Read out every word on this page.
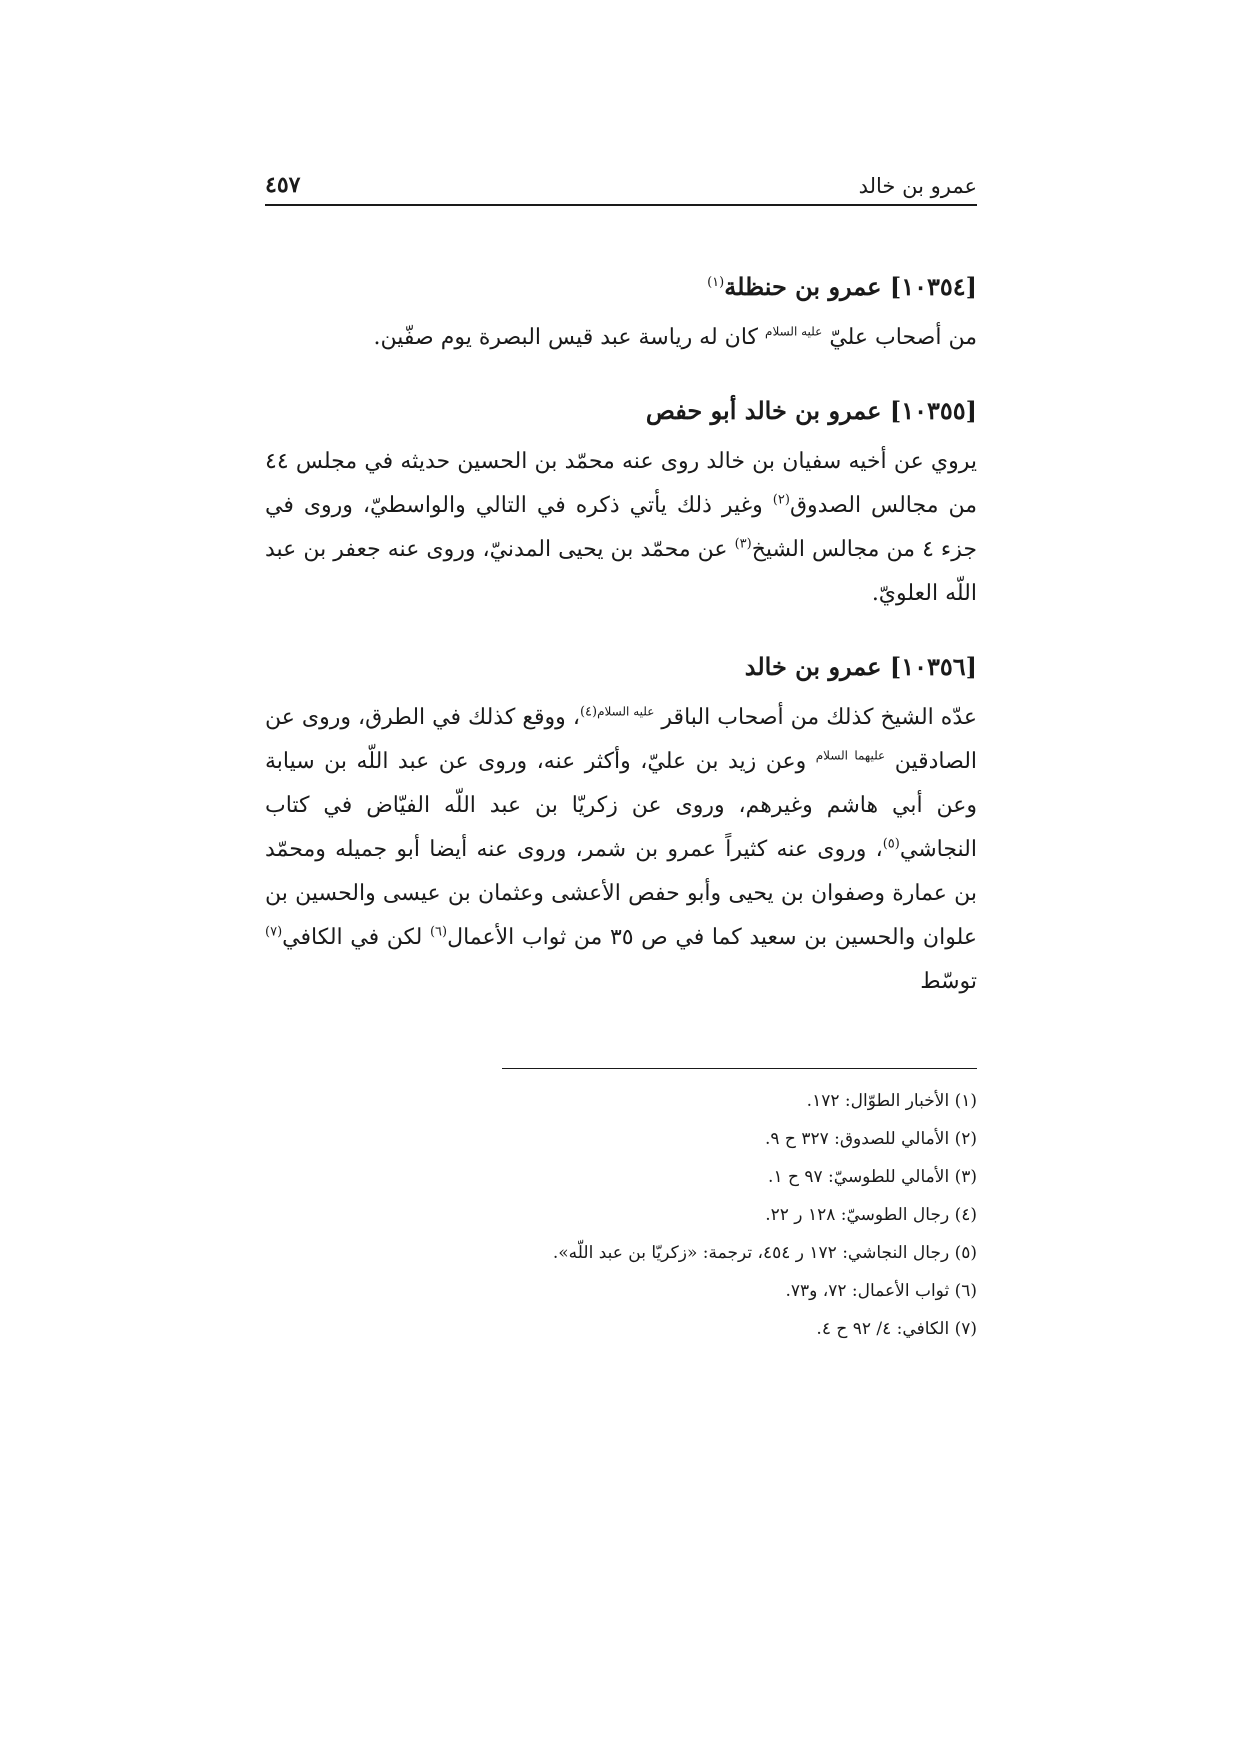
عمرو بن خالد
٤٥٧
[١٠٣٥٤] عمرو بن حنظلة$^{(١)}$

من أصحاب عليّ $^{عليه السلام}$ كان له رياسة عبد قيس البصرة يوم صفّين.

[١٠٣٥٥] عمرو بن خالد أبو حفص

يروي عن أخيه سفيان بن خالد روى عنه محمّد بن الحسين حديثه في مجلس ٤٤ من مجالس الصدوق$^{(٢)}$ وغير ذلك يأتي ذكره في التالي والواسطيّ، وروى في جزء ٤ من مجالس الشيخ$^{(٣)}$ عن محمّد بن يحيى المدنيّ، وروى عنه جعفر بن عبد اللّه العلويّ.

[١٠٣٥٦] عمرو بن خالد

عدّه الشيخ كذلك من أصحاب الباقر $^{عليه السلام(٤)}$، ووقع كذلك في الطرق، وروى عن الصادقين $^{عليهما السلام}$ وعن زيد بن عليّ، وأكثر عنه، وروى عن عبد اللّه بن سيابة وعن أبي هاشم وغيرهم، وروى عن زكريّا بن عبد اللّه الفيّاض في كتاب النجاشي$^{(٥)}$، وروى عنه كثيراً عمرو بن شمر، وروى عنه أيضا أبو جميله ومحمّد بن عمارة وصفوان بن يحيى وأبو حفص الأعشى وعثمان بن عيسى والحسين بن علوان والحسين بن سعيد كما في ص ٣٥ من ثواب الأعمال$^{(٦)}$ لكن في الكافي$^{(٧)}$ توسّط

(١) الأخبار الطوّال: ١٧٢.
(٢) الأمالي للصدوق: ٣٢٧ ح ٩.
(٣) الأمالي للطوسيّ: ٩٧ ح ١.
(٤) رجال الطوسيّ: ١٢٨ ر ٢٢.
(٥) رجال النجاشي: ١٧٢ ر ٤٥٤، ترجمة: «زكريّا بن عبد اللّه».
(٦) ثواب الأعمال: ٧٢، و٧٣.
(٧) الكافي: ٤/ ٩٢ ح ٤.
